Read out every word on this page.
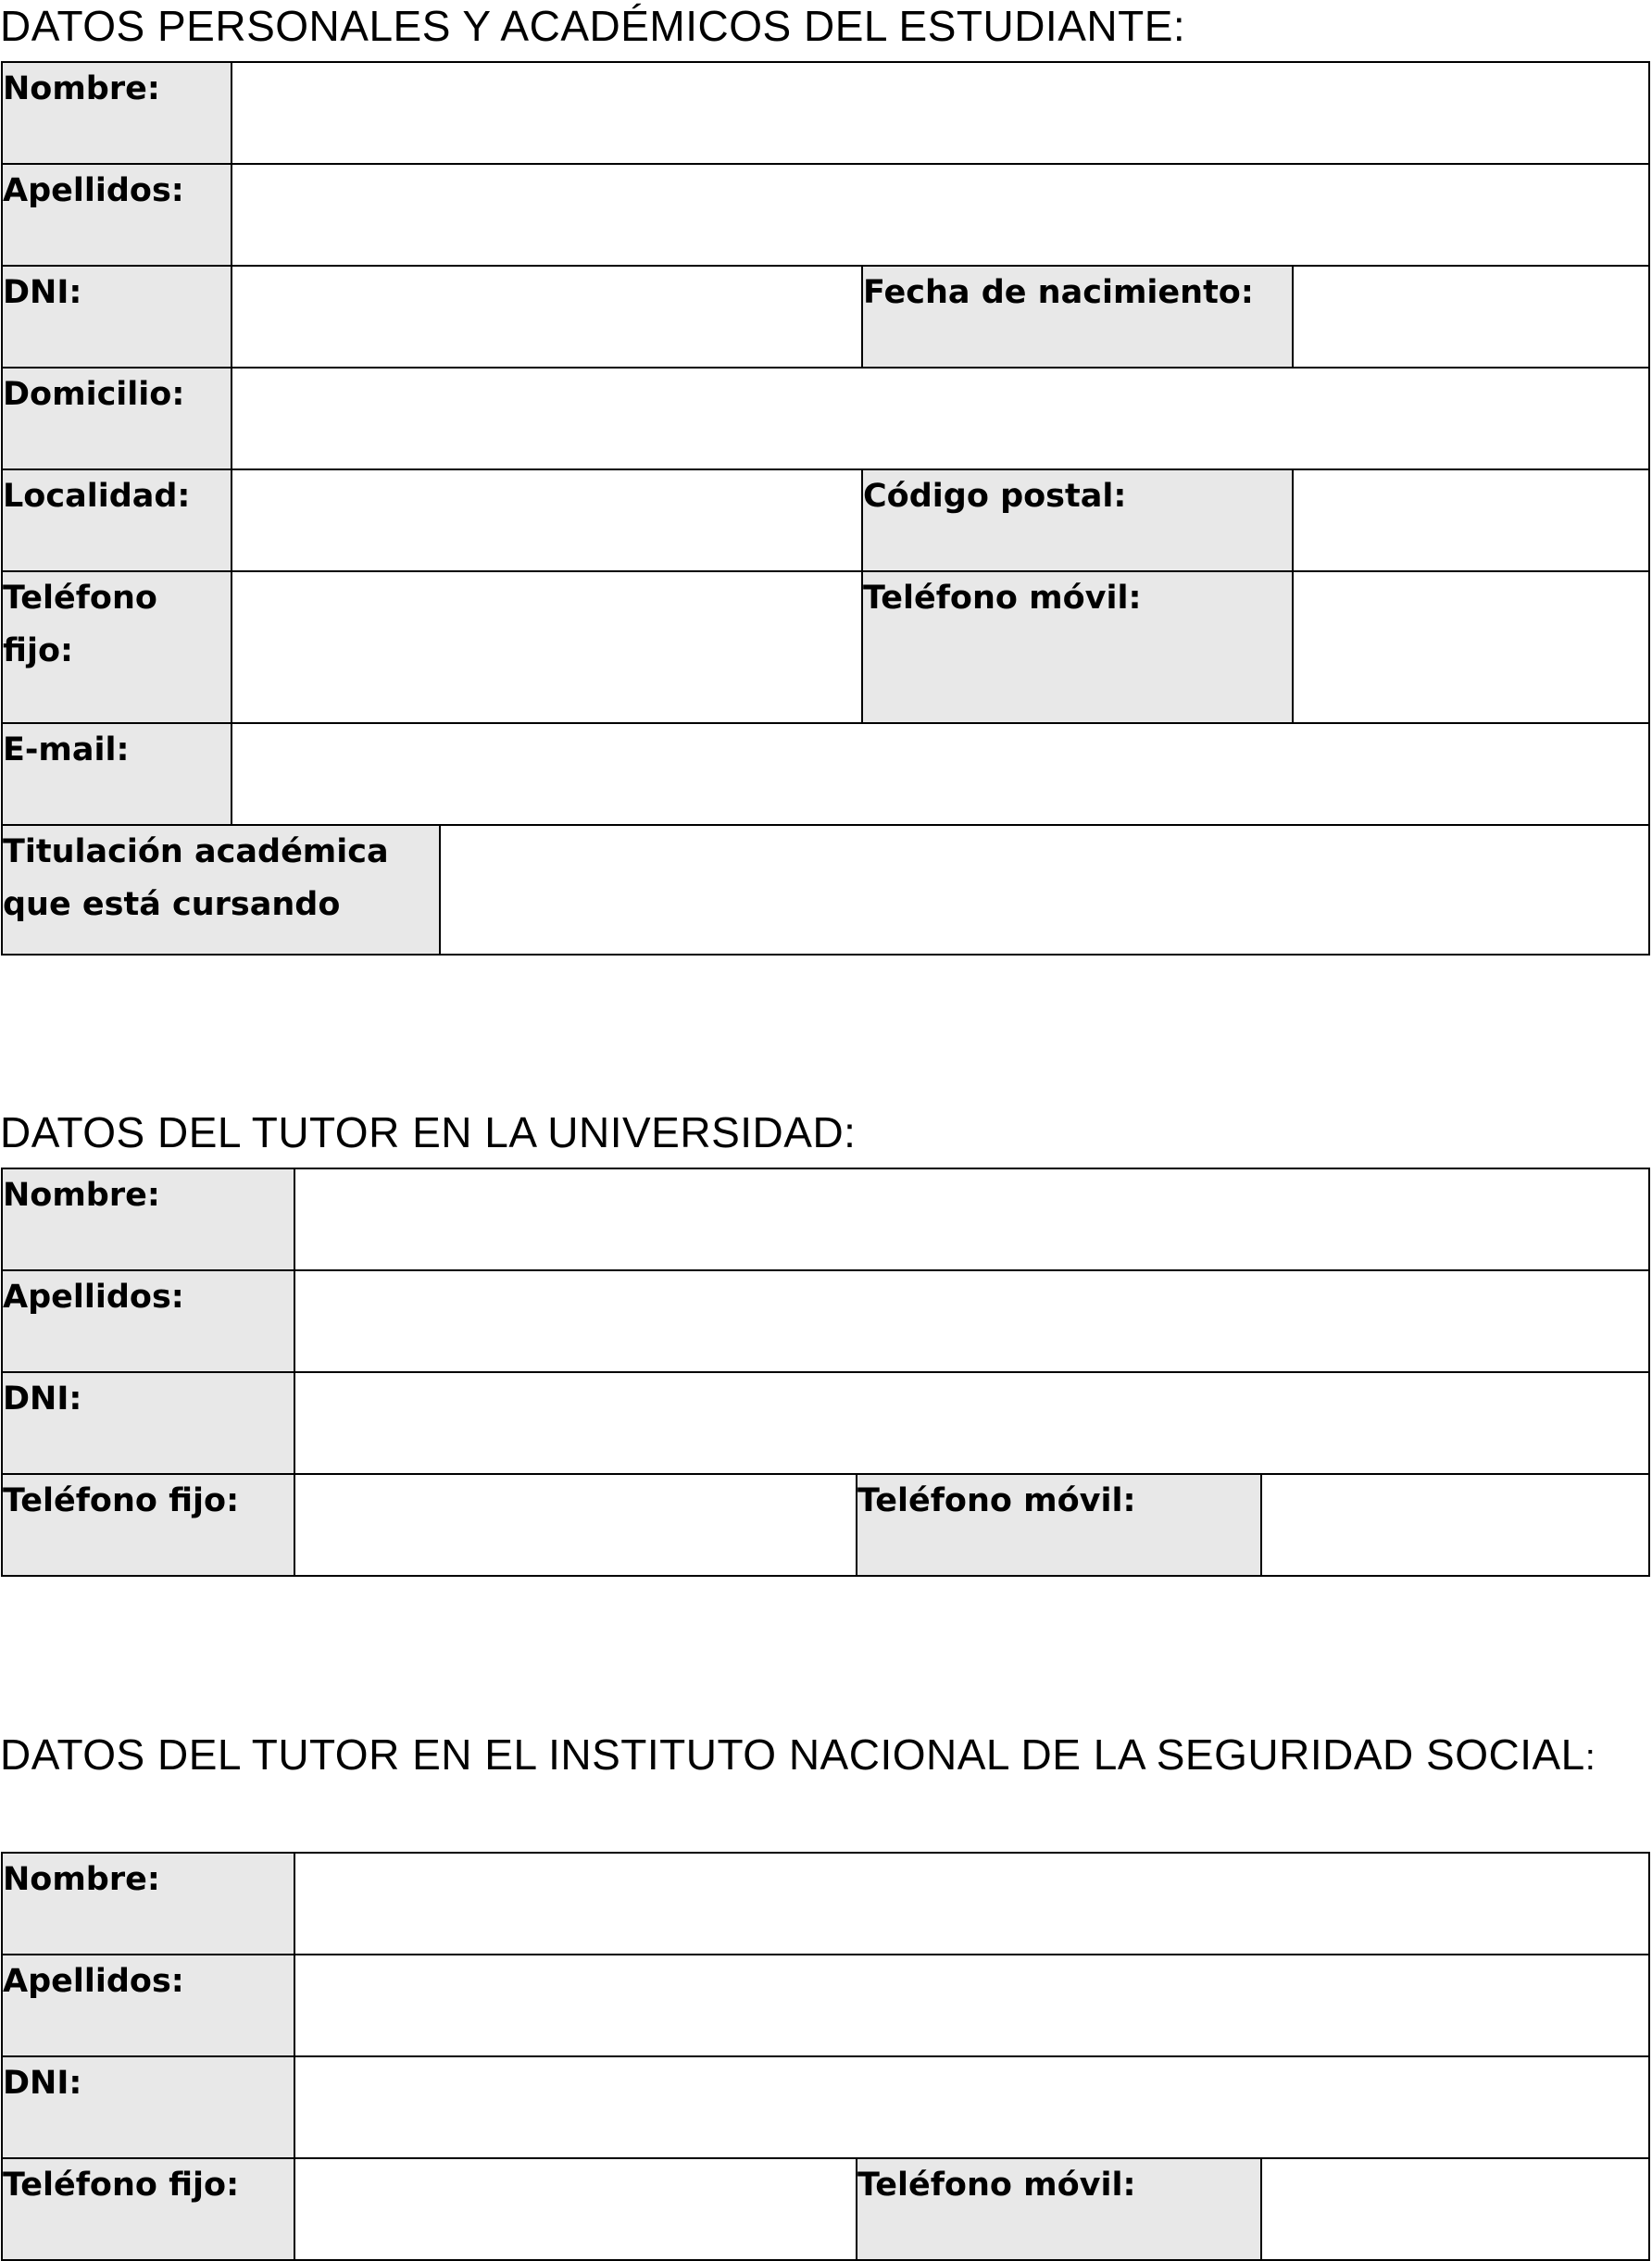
DATOS PERSONALES Y ACADÉMICOS DEL ESTUDIANTE:
Nombre:				

Apellidos:				

DNI:			Fecha de nacimiento:	

Domicilio:				

Localidad:			Código postal:	

Teléfono
fijo:			Teléfono móvil:	

E-mail:				

Titulación académica
que está cursando				

DATOS DEL TUTOR EN LA UNIVERSIDAD:
Nombre:			

Apellidos:			

DNI:			

Teléfono fijo:		Teléfono móvil:	

DATOS DEL TUTOR EN EL INSTITUTO NACIONAL DE LA SEGURIDAD SOCIAL:
Nombre:			

Apellidos:			

DNI:			

Teléfono fijo:		Teléfono móvil:	
